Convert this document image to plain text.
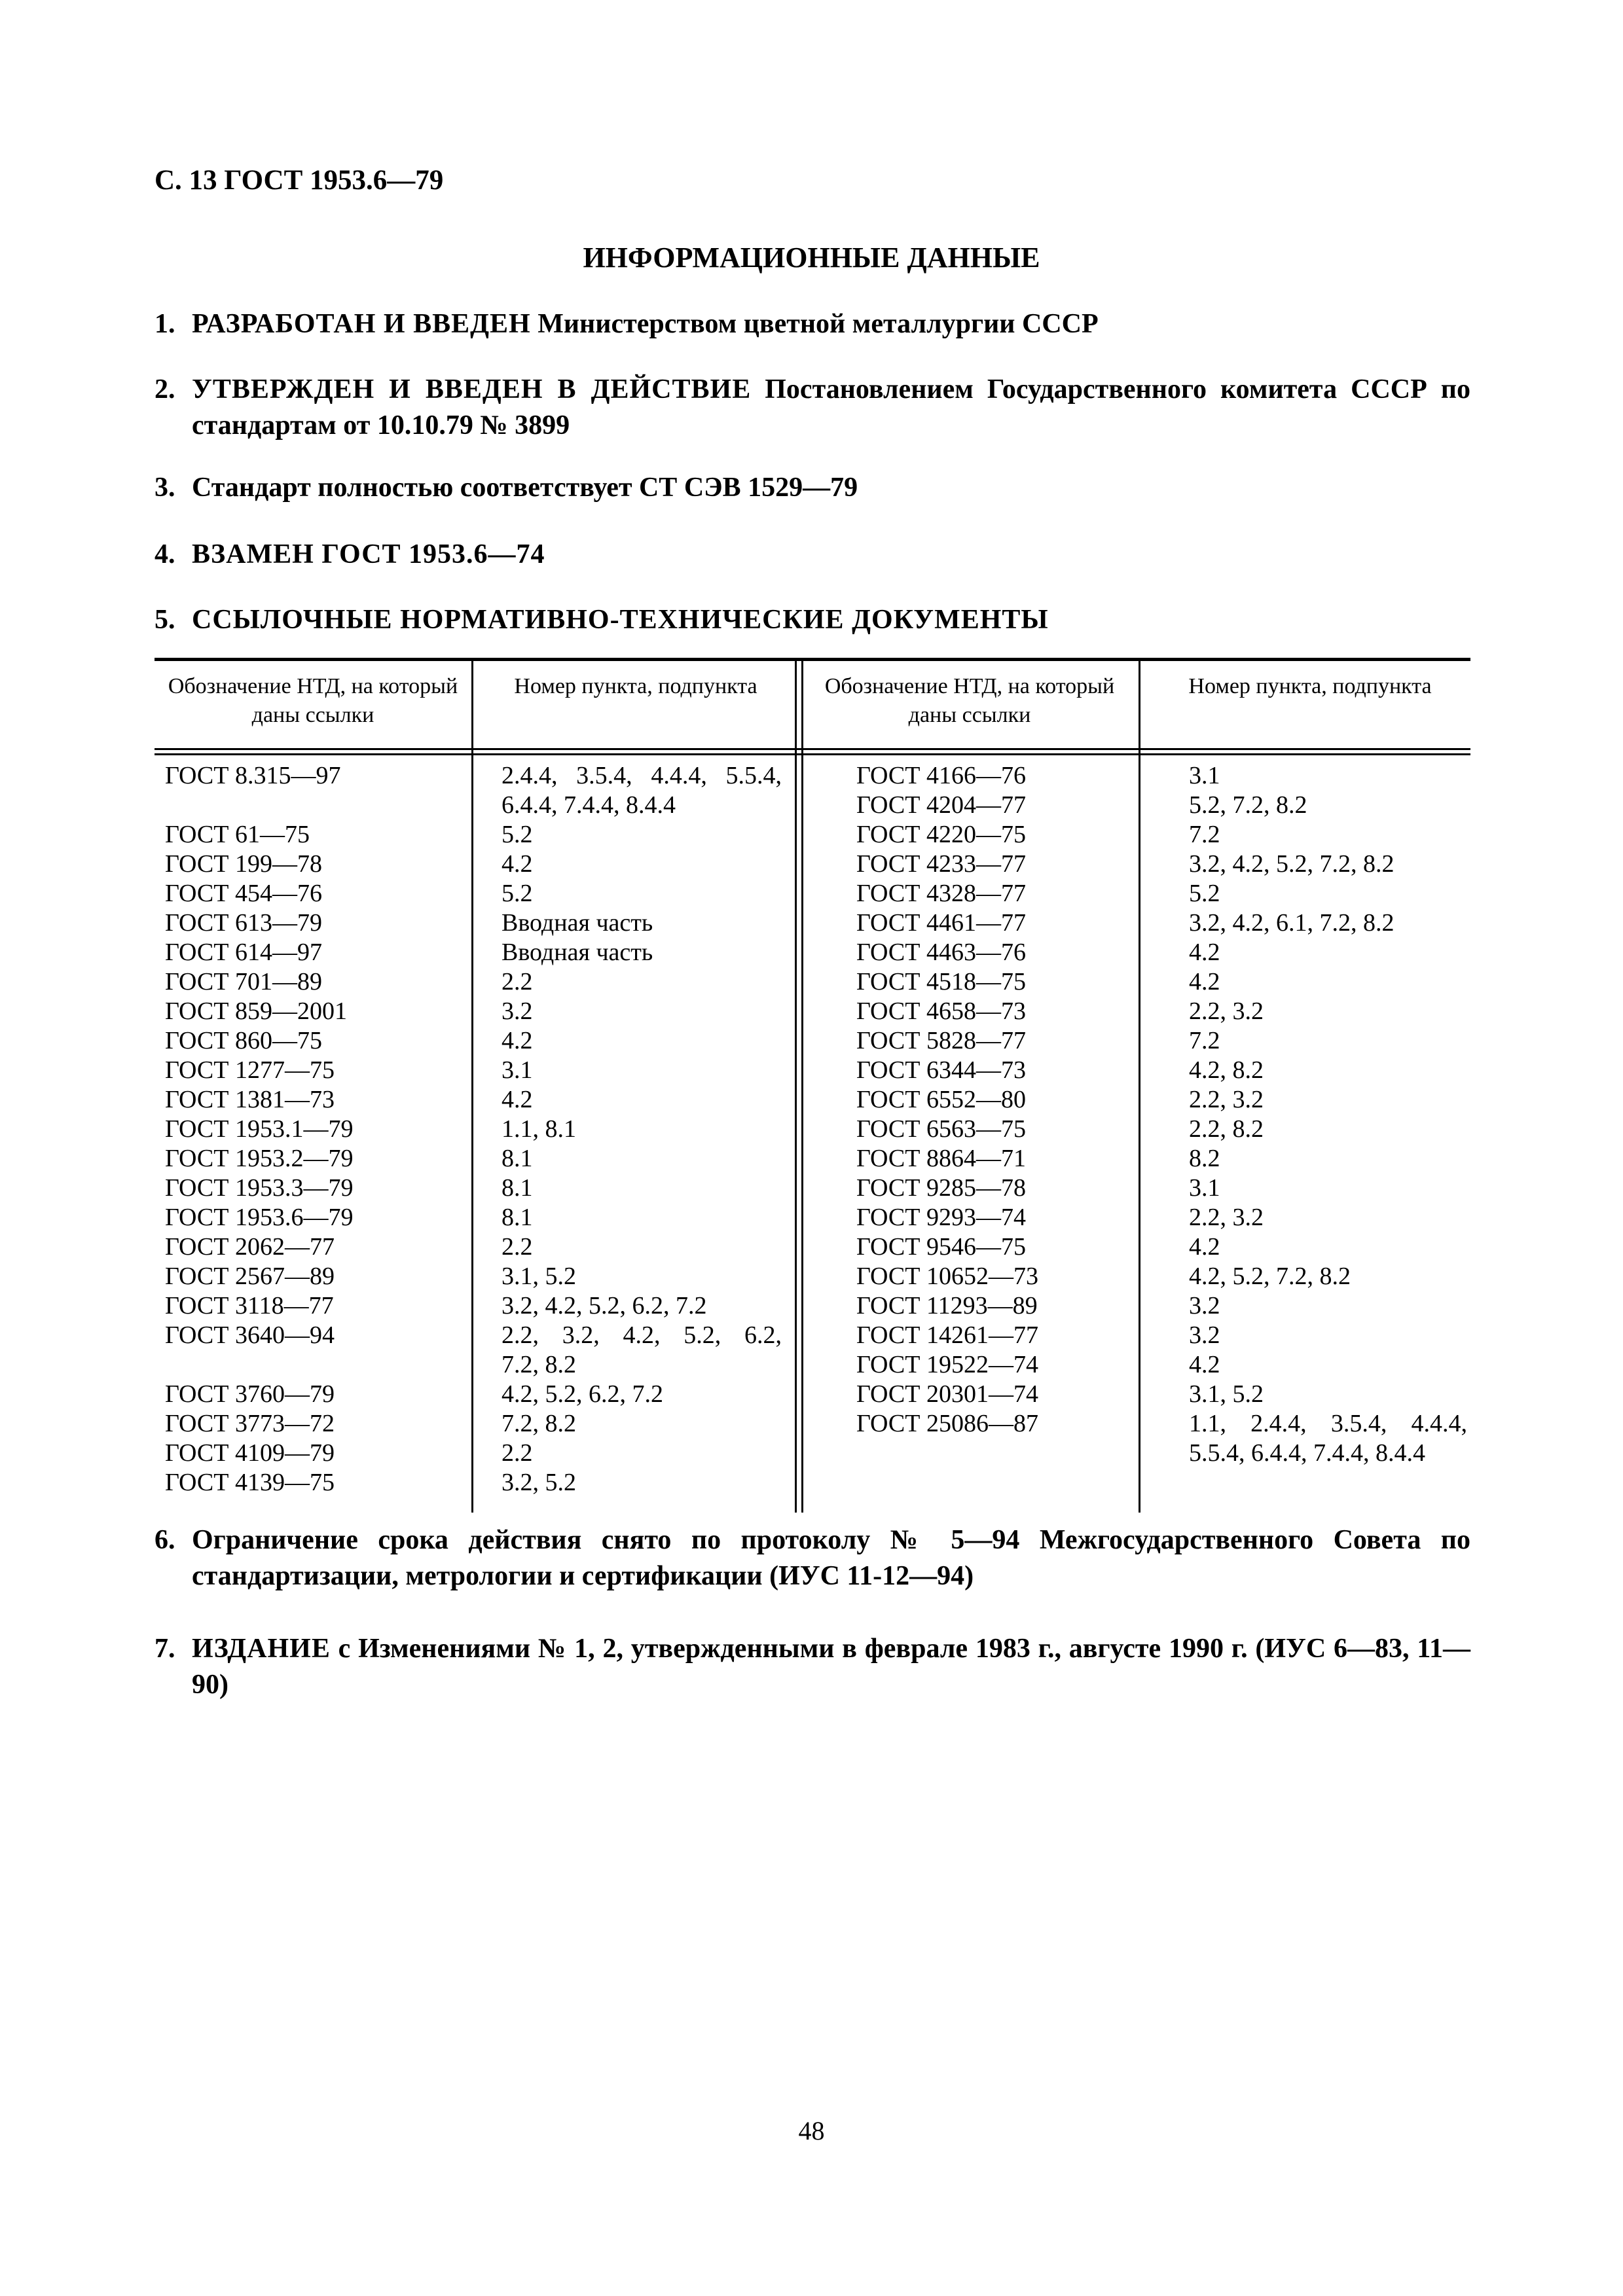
С. 13 ГОСТ 1953.6—79
ИНФОРМАЦИОННЫЕ ДАННЫЕ
1. РАЗРАБОТАН И ВВЕДЕН Министерством цветной металлургии СССР
2. УТВЕРЖДЕН И ВВЕДЕН В ДЕЙСТВИЕ Постановлением Государственного комитета СССР по стандартам от 10.10.79 № 3899
3. Стандарт полностью соответствует СТ СЭВ 1529—79
4. ВЗАМЕН ГОСТ 1953.6—74
5. ССЫЛОЧНЫЕ НОРМАТИВНО-ТЕХНИЧЕСКИЕ ДОКУМЕНТЫ
Обозначение НТД, на который даны ссылки
Номер пункта, подпункта	Обозначение НТД, на который даны ссылки
Номер пункта, подпункта
ГОСТ 8.315—97
ГОСТ 61—75
ГОСТ 199—78
ГОСТ 454—76
ГОСТ 613—79
ГОСТ 614—97
ГОСТ 701—89
ГОСТ 859—2001
ГОСТ 860—75
ГОСТ 1277—75
ГОСТ 1381—73
ГОСТ 1953.1—79
ГОСТ 1953.2—79
ГОСТ 1953.3—79
ГОСТ 1953.6—79
ГОСТ 2062—77
ГОСТ 2567—89
ГОСТ 3118—77
ГОСТ 3640—94
ГОСТ 3760—79
ГОСТ 3773—72
ГОСТ 4109—79
ГОСТ 4139—75
2.4.4, 3.5.4, 4.4.4, 5.5.4,
6.4.4, 7.4.4, 8.4.4
5.2
4.2
5.2
Вводная часть
Вводная часть
2.2
3.2
4.2
3.1
4.2
1.1, 8.1
8.1
8.1
8.1
2.2
3.1, 5.2
3.2, 4.2, 5.2, 6.2, 7.2
2.2, 3.2, 4.2, 5.2, 6.2,
7.2, 8.2
4.2, 5.2, 6.2, 7.2
7.2, 8.2
2.2
3.2, 5.2
ГОСТ 4166—76
ГОСТ 4204—77
ГОСТ 4220—75
ГОСТ 4233—77
ГОСТ 4328—77
ГОСТ 4461—77
ГОСТ 4463—76
ГОСТ 4518—75
ГОСТ 4658—73
ГОСТ 5828—77
ГОСТ 6344—73
ГОСТ 6552—80
ГОСТ 6563—75
ГОСТ 8864—71
ГОСТ 9285—78
ГОСТ 9293—74
ГОСТ 9546—75
ГОСТ 10652—73
ГОСТ 11293—89
ГОСТ 14261—77
ГОСТ 19522—74
ГОСТ 20301—74
ГОСТ 25086—87
3.1
5.2, 7.2, 8.2
7.2
3.2, 4.2, 5.2, 7.2, 8.2
5.2
3.2, 4.2, 6.1, 7.2, 8.2
4.2
4.2
2.2, 3.2
7.2
4.2, 8.2
2.2, 3.2
2.2, 8.2
8.2
3.1
2.2, 3.2
4.2
4.2, 5.2, 7.2, 8.2
3.2
3.2
4.2
3.1, 5.2
1.1, 2.4.4, 3.5.4, 4.4.4,
5.5.4, 6.4.4, 7.4.4, 8.4.4
6. Ограничение срока действия снято по протоколу № 5—94 Межгосударственного Совета по стандартизации, метрологии и сертификации (ИУС 11-12—94)
7. ИЗДАНИЕ с Изменениями № 1, 2, утвержденными в феврале 1983 г., августе 1990 г. (ИУС 6—83, 11—90)
48
